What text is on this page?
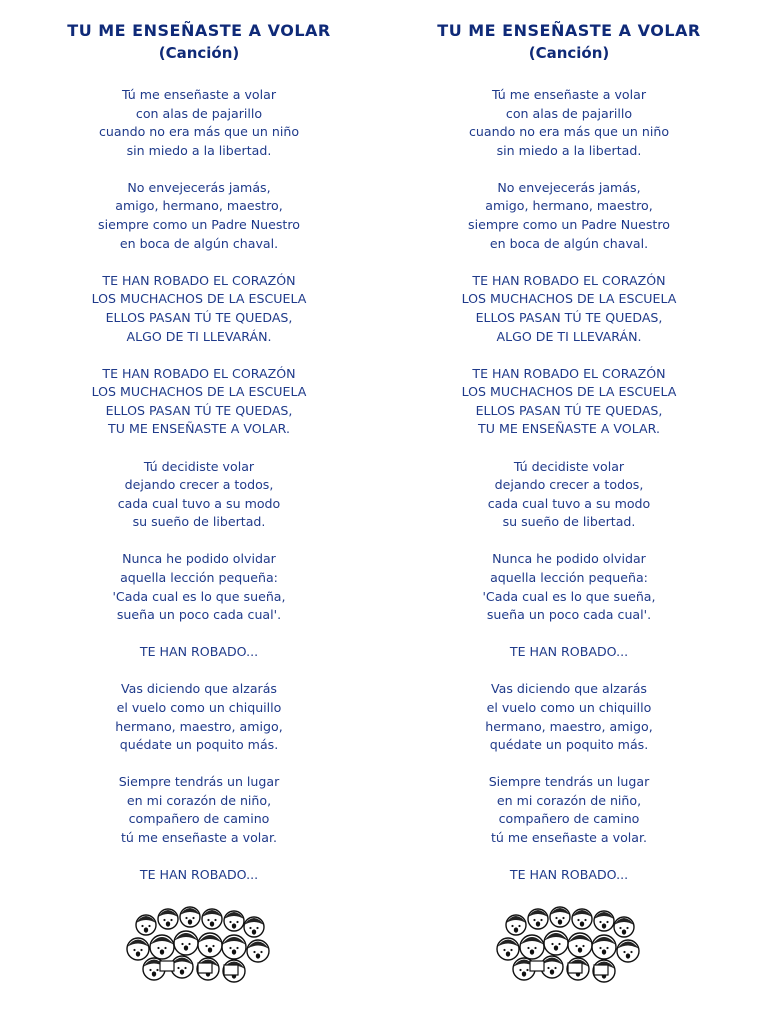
TU ME ENSEÑASTE A VOLAR
(Canción)
Tú me enseñaste a volar
con alas de pajarillo
cuando no era más que un niño
sin miedo a la libertad.
No envejecerás jamás,
amigo, hermano, maestro,
siempre como un Padre Nuestro
en boca de algún chaval.
TE HAN ROBADO EL CORAZÓN
LOS MUCHACHOS DE LA ESCUELA
ELLOS PASAN TÚ TE QUEDAS,
ALGO DE TI LLEVARÁN.
TE HAN ROBADO EL CORAZÓN
LOS MUCHACHOS DE LA ESCUELA
ELLOS PASAN TÚ TE QUEDAS,
TU ME ENSEÑASTE A VOLAR.
Tú decidiste volar
dejando crecer a todos,
cada cual tuvo a su modo
su sueño de libertad.
Nunca he podido olvidar
aquella lección pequeña:
'Cada cual es lo que sueña,
sueña un poco cada cual'.
TE HAN ROBADO...
Vas diciendo que alzarás
el vuelo como un chiquillo
hermano, maestro, amigo,
quédate un poquito más.
Siempre tendrás un lugar
en mi corazón de niño,
compañero de camino
tú me enseñaste a volar.
TE HAN ROBADO...
TU ME ENSEÑASTE A VOLAR
(Canción)
Tú me enseñaste a volar
con alas de pajarillo
cuando no era más que un niño
sin miedo a la libertad.
No envejecerás jamás,
amigo, hermano, maestro,
siempre como un Padre Nuestro
en boca de algún chaval.
TE HAN ROBADO EL CORAZÓN
LOS MUCHACHOS DE LA ESCUELA
ELLOS PASAN TÚ TE QUEDAS,
ALGO DE TI LLEVARÁN.
TE HAN ROBADO EL CORAZÓN
LOS MUCHACHOS DE LA ESCUELA
ELLOS PASAN TÚ TE QUEDAS,
TU ME ENSEÑASTE A VOLAR.
Tú decidiste volar
dejando crecer a todos,
cada cual tuvo a su modo
su sueño de libertad.
Nunca he podido olvidar
aquella lección pequeña:
'Cada cual es lo que sueña,
sueña un poco cada cual'.
TE HAN ROBADO...
Vas diciendo que alzarás
el vuelo como un chiquillo
hermano, maestro, amigo,
quédate un poquito más.
Siempre tendrás un lugar
en mi corazón de niño,
compañero de camino
tú me enseñaste a volar.
TE HAN ROBADO...
